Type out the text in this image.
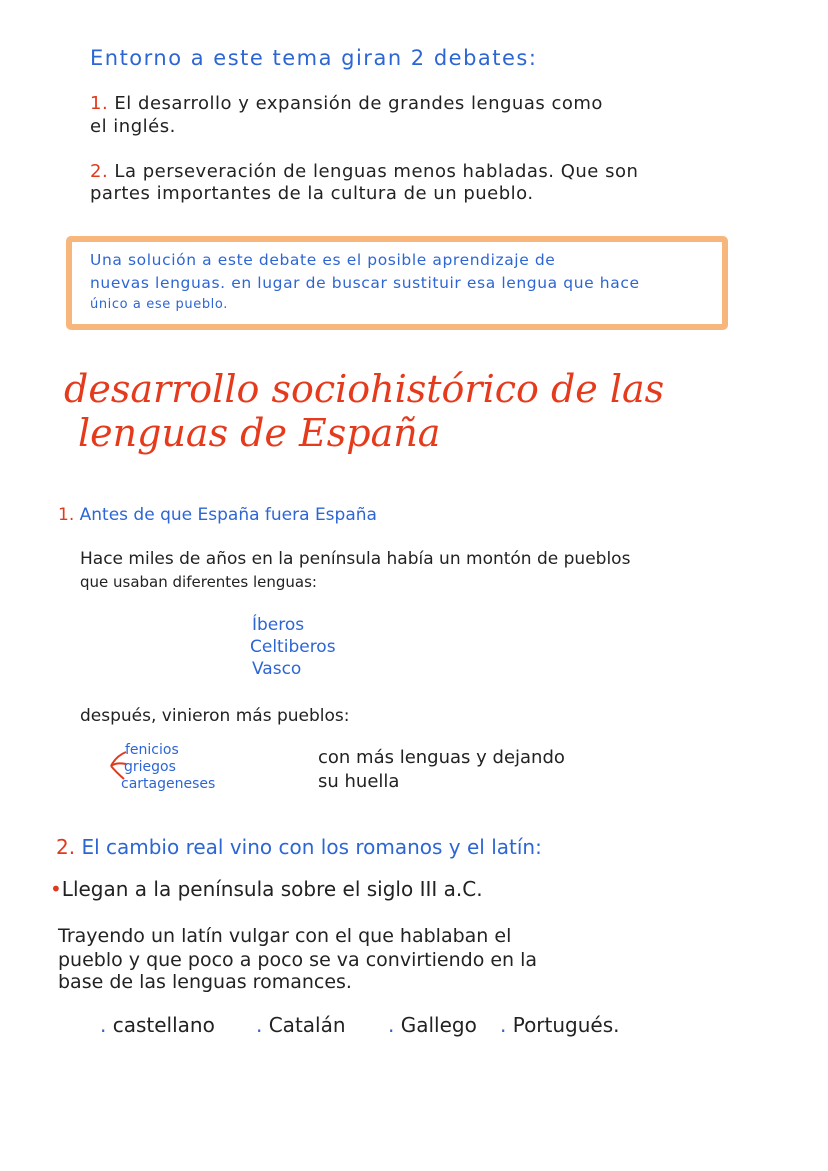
Entorno a este tema giran 2 debates:
1. El desarrollo y expansión de grandes lenguas como
el inglés.
2. La perseveración de lenguas menos habladas. Que son
partes importantes de la cultura de un pueblo.
Una solución a este debate es el posible aprendizaje de
nuevas lenguas. en lugar de buscar sustituir esa lengua que hace
único a ese pueblo.
desarrollo sociohistórico de las
lenguas de España
1. Antes de que España fuera España
Hace miles de años en la península había un montón de pueblos
que usaban diferentes lenguas:
Íberos
Celtiberos
Vasco
después, vinieron más pueblos:
fenicios
griegos
cartageneses
con más lenguas y dejando
su huella
2. El cambio real vino con los romanos y el latín:
•Llegan a la península sobre el siglo III a.C.
Trayendo un latín vulgar con el que hablaban el
pueblo y que poco a poco se va convirtiendo en la
base de las lenguas romances.
. castellano . Catalán . Gallego . Portugués.
